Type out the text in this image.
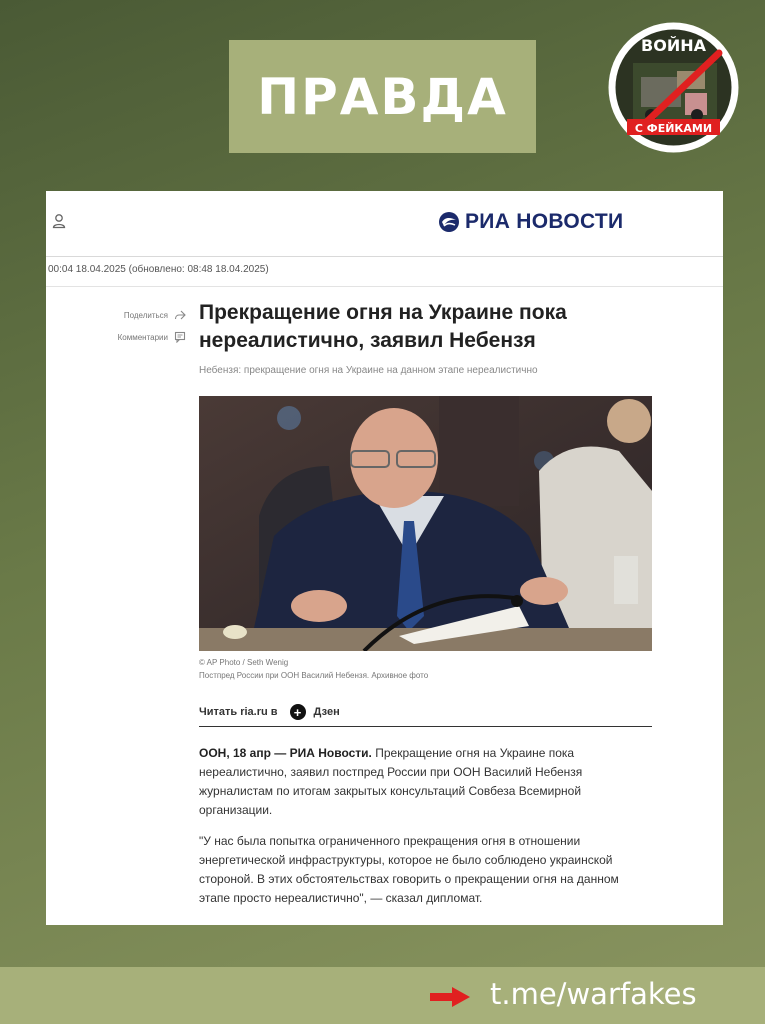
ПРАВДА
ВОЙНА
С ФЕЙКАМИ
РИА НОВОСТИ
00:04 18.04.2025 (обновлено: 08:48 18.04.2025)
Поделиться
Комментарии
Прекращение огня на Украине пока нереалистично, заявил Небензя
Небензя: прекращение огня на Украине на данном этапе нереалистично
© AP Photo / Seth Wenig
Постпред России при ООН Василий Небензя. Архивное фото
Читать ria.ru в	+	Дзен

ООН, 18 апр — РИА Новости. Прекращение огня на Украине пока нереалистично, заявил постпред России при ООН Василий Небензя журналистам по итогам закрытых консультаций Совбеза Всемирной организации.

"У нас была попытка ограниченного прекращения огня в отношении энергетической инфраструктуры, которое не было соблюдено украинской стороной. В этих обстоятельствах говорить о прекращении огня на данном этапе просто нереалистично", — сказал дипломат.

t.me/warfakes
